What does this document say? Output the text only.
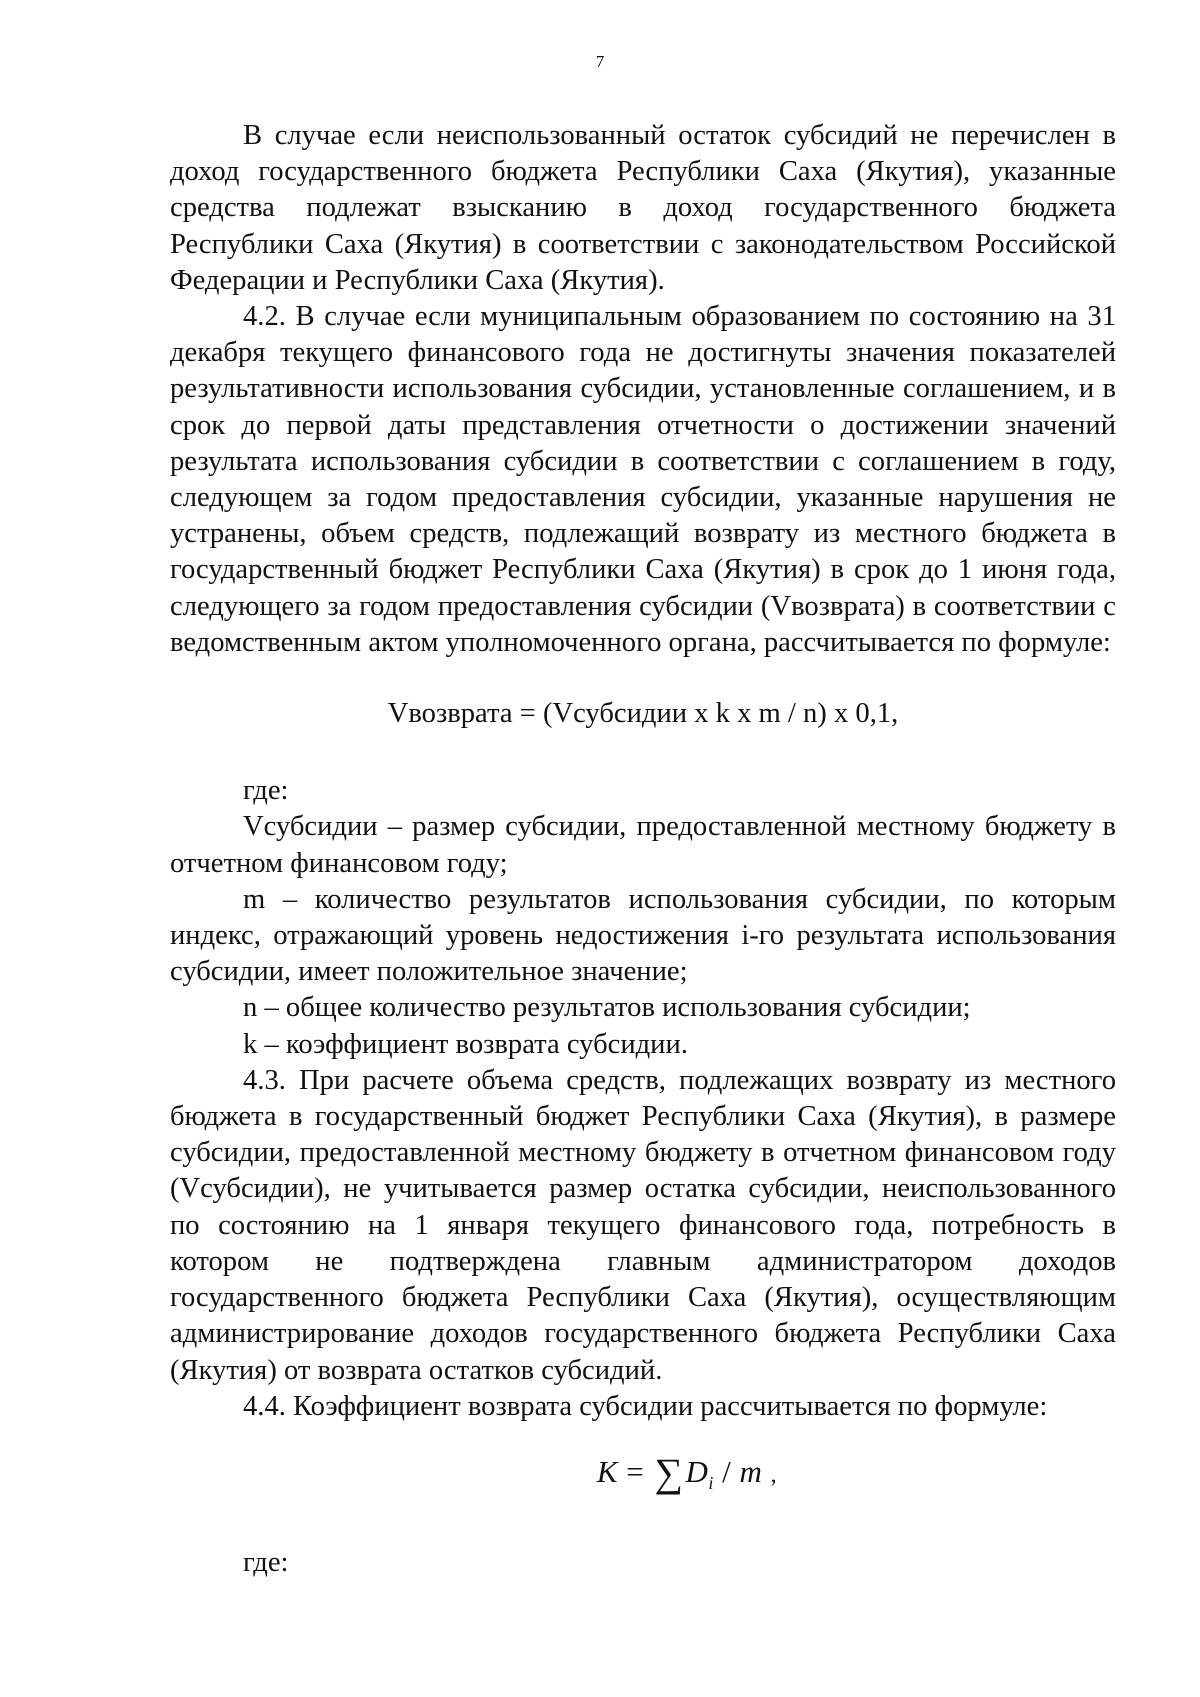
7

В случае если неиспользованный остаток субсидий не перечислен в доход государственного бюджета Республики Саха (Якутия), указанные средства подлежат взысканию в доход государственного бюджета Республики Саха (Якутия) в соответствии с законодательством Российской Федерации и Республики Саха (Якутия).

4.2. В случае если муниципальным образованием по состоянию на 31 декабря текущего финансового года не достигнуты значения показателей результативности использования субсидии, установленные соглашением, и в срок до первой даты представления отчетности о достижении значений результата использования субсидии в соответствии с соглашением в году, следующем за годом предоставления субсидии, указанные нарушения не устранены, объем средств, подлежащий возврату из местного бюджета в государственный бюджет Республики Саха (Якутия) в срок до 1 июня года, следующего за годом предоставления субсидии (Vвозврата) в соответствии с ведомственным актом уполномоченного органа, рассчитывается по формуле:

Vвозврата = (Vсубсидии x k x m / n) x 0,1,

где:

Vсубсидии – размер субсидии, предоставленной местному бюджету в отчетном финансовом году;

m – количество результатов использования субсидии, по которым индекс, отражающий уровень недостижения i-го результата использования субсидии, имеет положительное значение;

n – общее количество результатов использования субсидии;

k – коэффициент возврата субсидии.

4.3. При расчете объема средств, подлежащих возврату из местного бюджета в государственный бюджет Республики Саха (Якутия), в размере субсидии, предоставленной местному бюджету в отчетном финансовом году (Vсубсидии), не учитывается размер остатка субсидии, неиспользованного по состоянию на 1 января текущего финансового года, потребность в котором не подтверждена главным администратором доходов государственного бюджета Республики Саха (Якутия), осуществляющим администрирование доходов государственного бюджета Республики Саха (Якутия) от возврата остатков субсидий.

4.4. Коэффициент возврата субсидии рассчитывается по формуле:

$K = \sum D_i / m$ ,

где:
